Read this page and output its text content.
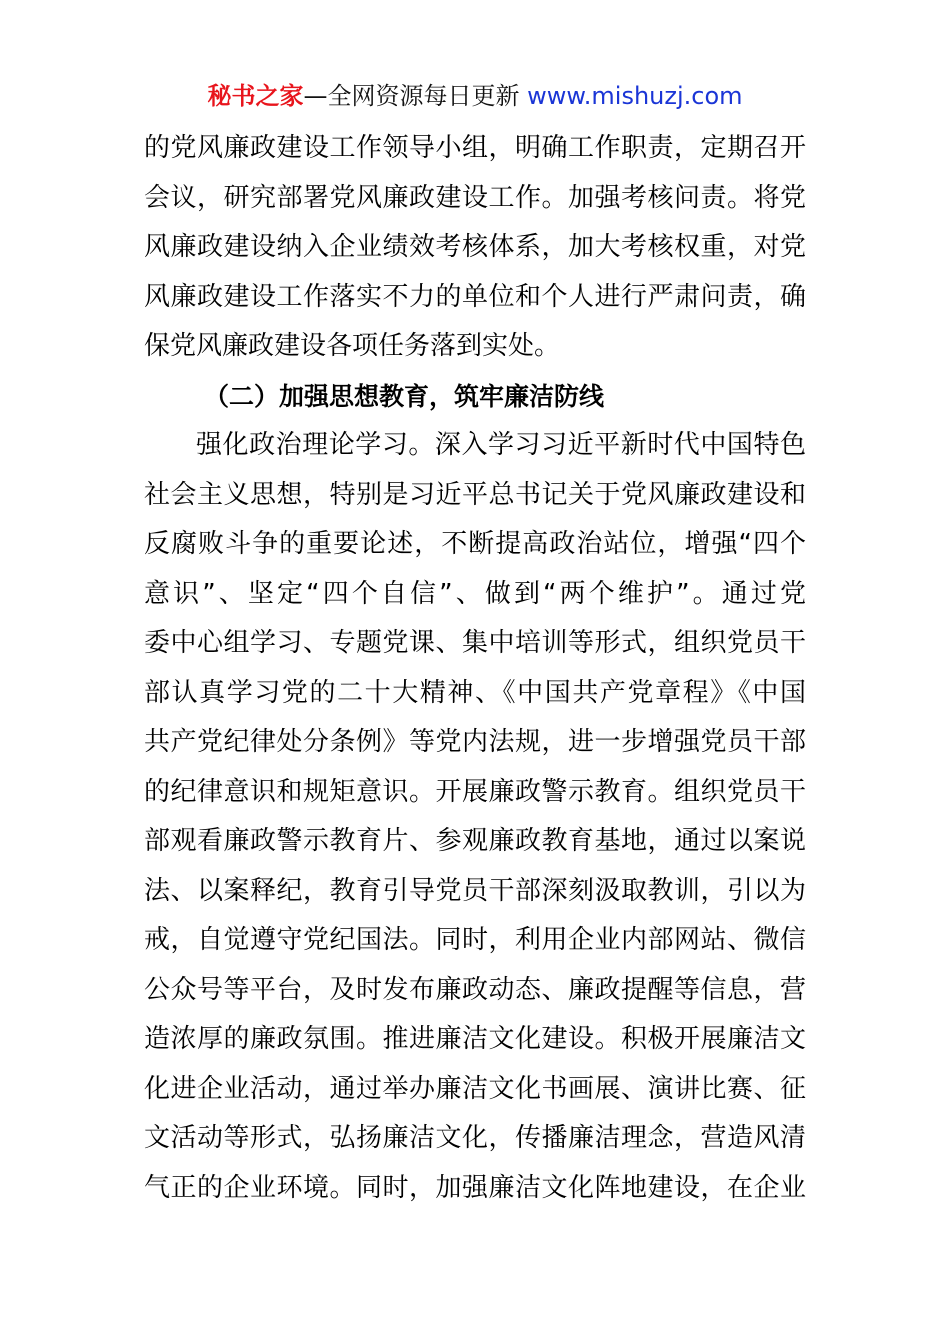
秘书之家—全网资源每日更新 www.mishuzj.com
的党风廉政建设工作领导小组，明确工作职责，定期召开
会议，研究部署党风廉政建设工作。加强考核问责。将党
风廉政建设纳入企业绩效考核体系，加大考核权重，对党
风廉政建设工作落实不力的单位和个人进行严肃问责，确
保党风廉政建设各项任务落到实处。
（二）加强思想教育，筑牢廉洁防线
强化政治理论学习。深入学习习近平新时代中国特色
社会主义思想，特别是习近平总书记关于党风廉政建设和
反腐败斗争的重要论述，不断提高政治站位，增强“四个
意识”、坚定“四个自信”、做到“两个维护”。通过党
委中心组学习、专题党课、集中培训等形式，组织党员干
部认真学习党的二十大精神、《中国共产党章程》《中国
共产党纪律处分条例》等党内法规，进一步增强党员干部
的纪律意识和规矩意识。开展廉政警示教育。组织党员干
部观看廉政警示教育片、参观廉政教育基地，通过以案说
法、以案释纪，教育引导党员干部深刻汲取教训，引以为
戒，自觉遵守党纪国法。同时，利用企业内部网站、微信
公众号等平台，及时发布廉政动态、廉政提醒等信息，营
造浓厚的廉政氛围。推进廉洁文化建设。积极开展廉洁文
化进企业活动，通过举办廉洁文化书画展、演讲比赛、征
文活动等形式，弘扬廉洁文化，传播廉洁理念，营造风清
气正的企业环境。同时，加强廉洁文化阵地建设，在企业
